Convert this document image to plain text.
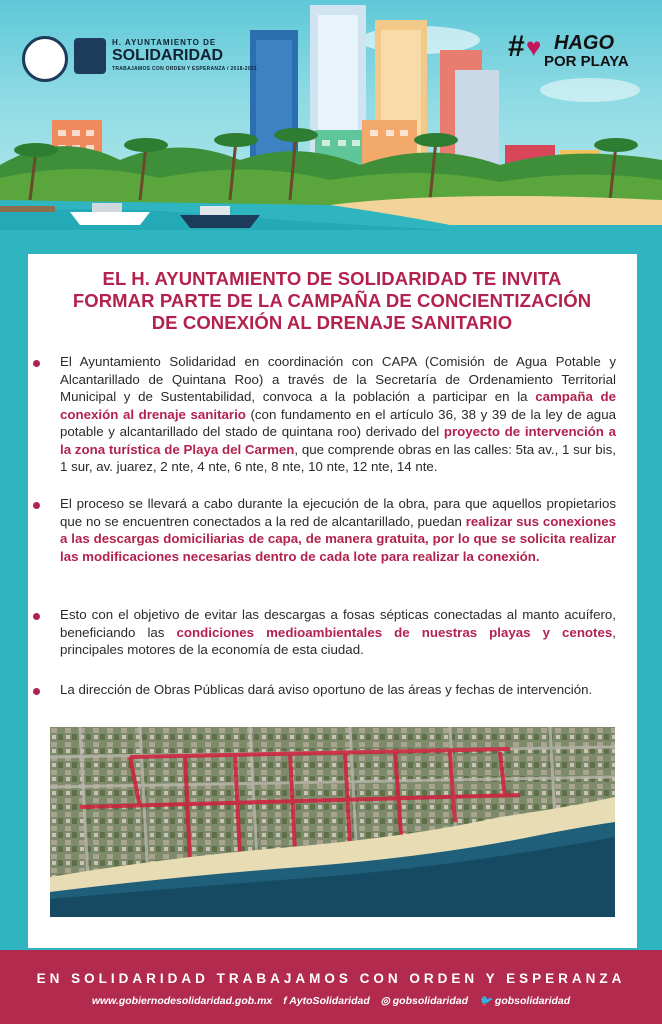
H. AYUNTAMIENTO DE
SOLIDARIDAD
TRABAJAMOS CON ORDEN Y ESPERANZA / 2018-2021
# ♥ HAGO
POR PLAYA
EL H. AYUNTAMIENTO DE SOLIDARIDAD TE INVITA
FORMAR PARTE DE LA CAMPAÑA DE CONCIENTIZACIÓN
DE CONEXIÓN AL DRENAJE SANITARIO
El Ayuntamiento Solidaridad en coordinación con CAPA (Comisión de Agua Potable y Alcantarillado de Quintana Roo) a través de la Secretaría de Ordenamiento Territorial Municipal y de Sustentabilidad, convoca a la población a participar en la campaña de conexión al drenaje sanitario (con fundamento en el artículo 36, 38 y 39 de la ley de agua potable y alcantarillado del stado de quintana roo) derivado del proyecto de intervención a la zona turística de Playa del Carmen, que comprende obras en las calles: 5ta av., 1 sur bis, 1 sur, av. juarez, 2 nte, 4 nte, 6 nte, 8 nte, 10 nte, 12 nte, 14 nte.
El proceso se llevará a cabo durante la ejecución de la obra, para que aquellos propietarios que no se encuentren conectados a la red de alcantarillado, puedan realizar sus conexiones a las descargas domiciliarias de capa, de manera gratuita, por lo que se solicita realizar las modificaciones necesarias dentro de cada lote para realizar la conexión.
Esto con el objetivo de evitar las descargas a fosas sépticas conectadas al manto acuífero, beneficiando las condiciones medioambientales de nuestras playas y cenotes, principales motores de la economía de esta ciudad.
La dirección de Obras Públicas dará aviso oportuno de las áreas y fechas de intervención.
EN SOLIDARIDAD TRABAJAMOS CON ORDEN Y ESPERANZA
www.gobiernodesolidaridad.gob.mx f AytoSolidaridad ◎ gobsolidaridad 🐦 gobsolidaridad
